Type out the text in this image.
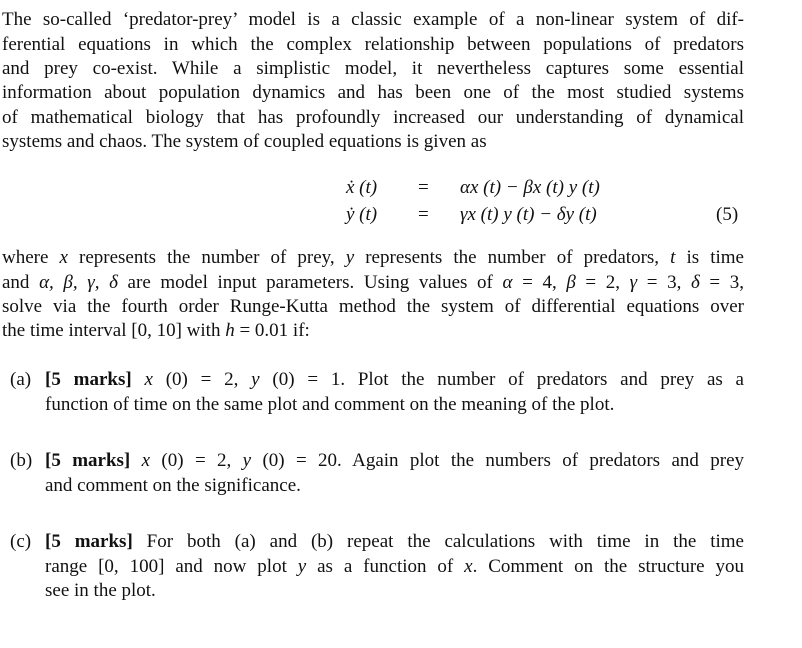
ẋ (t) = αx (t) − βx (t) y (t)
ẏ (t) = γx (t) y (t) − δy (t)	(5)
The so-called ‘predator-prey’ model is a classic example of a non-linear system of dif-
ferential equations in which the complex relationship between populations of predators
and prey co-exist. While a simplistic model, it nevertheless captures some essential
information about population dynamics and has been one of the most studied systems
of mathematical biology that has profoundly increased our understanding of dynamical
systems and chaos. The system of coupled equations is given as
where x represents the number of prey, y represents the number of predators, t is time
and α, β, γ, δ are model input parameters. Using values of α = 4, β = 2, γ = 3, δ = 3,
solve via the fourth order Runge-Kutta method the system of differential equations over
the time interval [0, 10] with h = 0.01 if:
(a) [5 marks] x (0) = 2, y (0) = 1. Plot the number of predators and prey as a
function of time on the same plot and comment on the meaning of the plot.
(b) [5 marks] x (0) = 2, y (0) = 20. Again plot the numbers of predators and prey
and comment on the significance.
(c) [5 marks] For both (a) and (b) repeat the calculations with time in the time
range [0, 100] and now plot y as a function of x. Comment on the structure you
see in the plot.
